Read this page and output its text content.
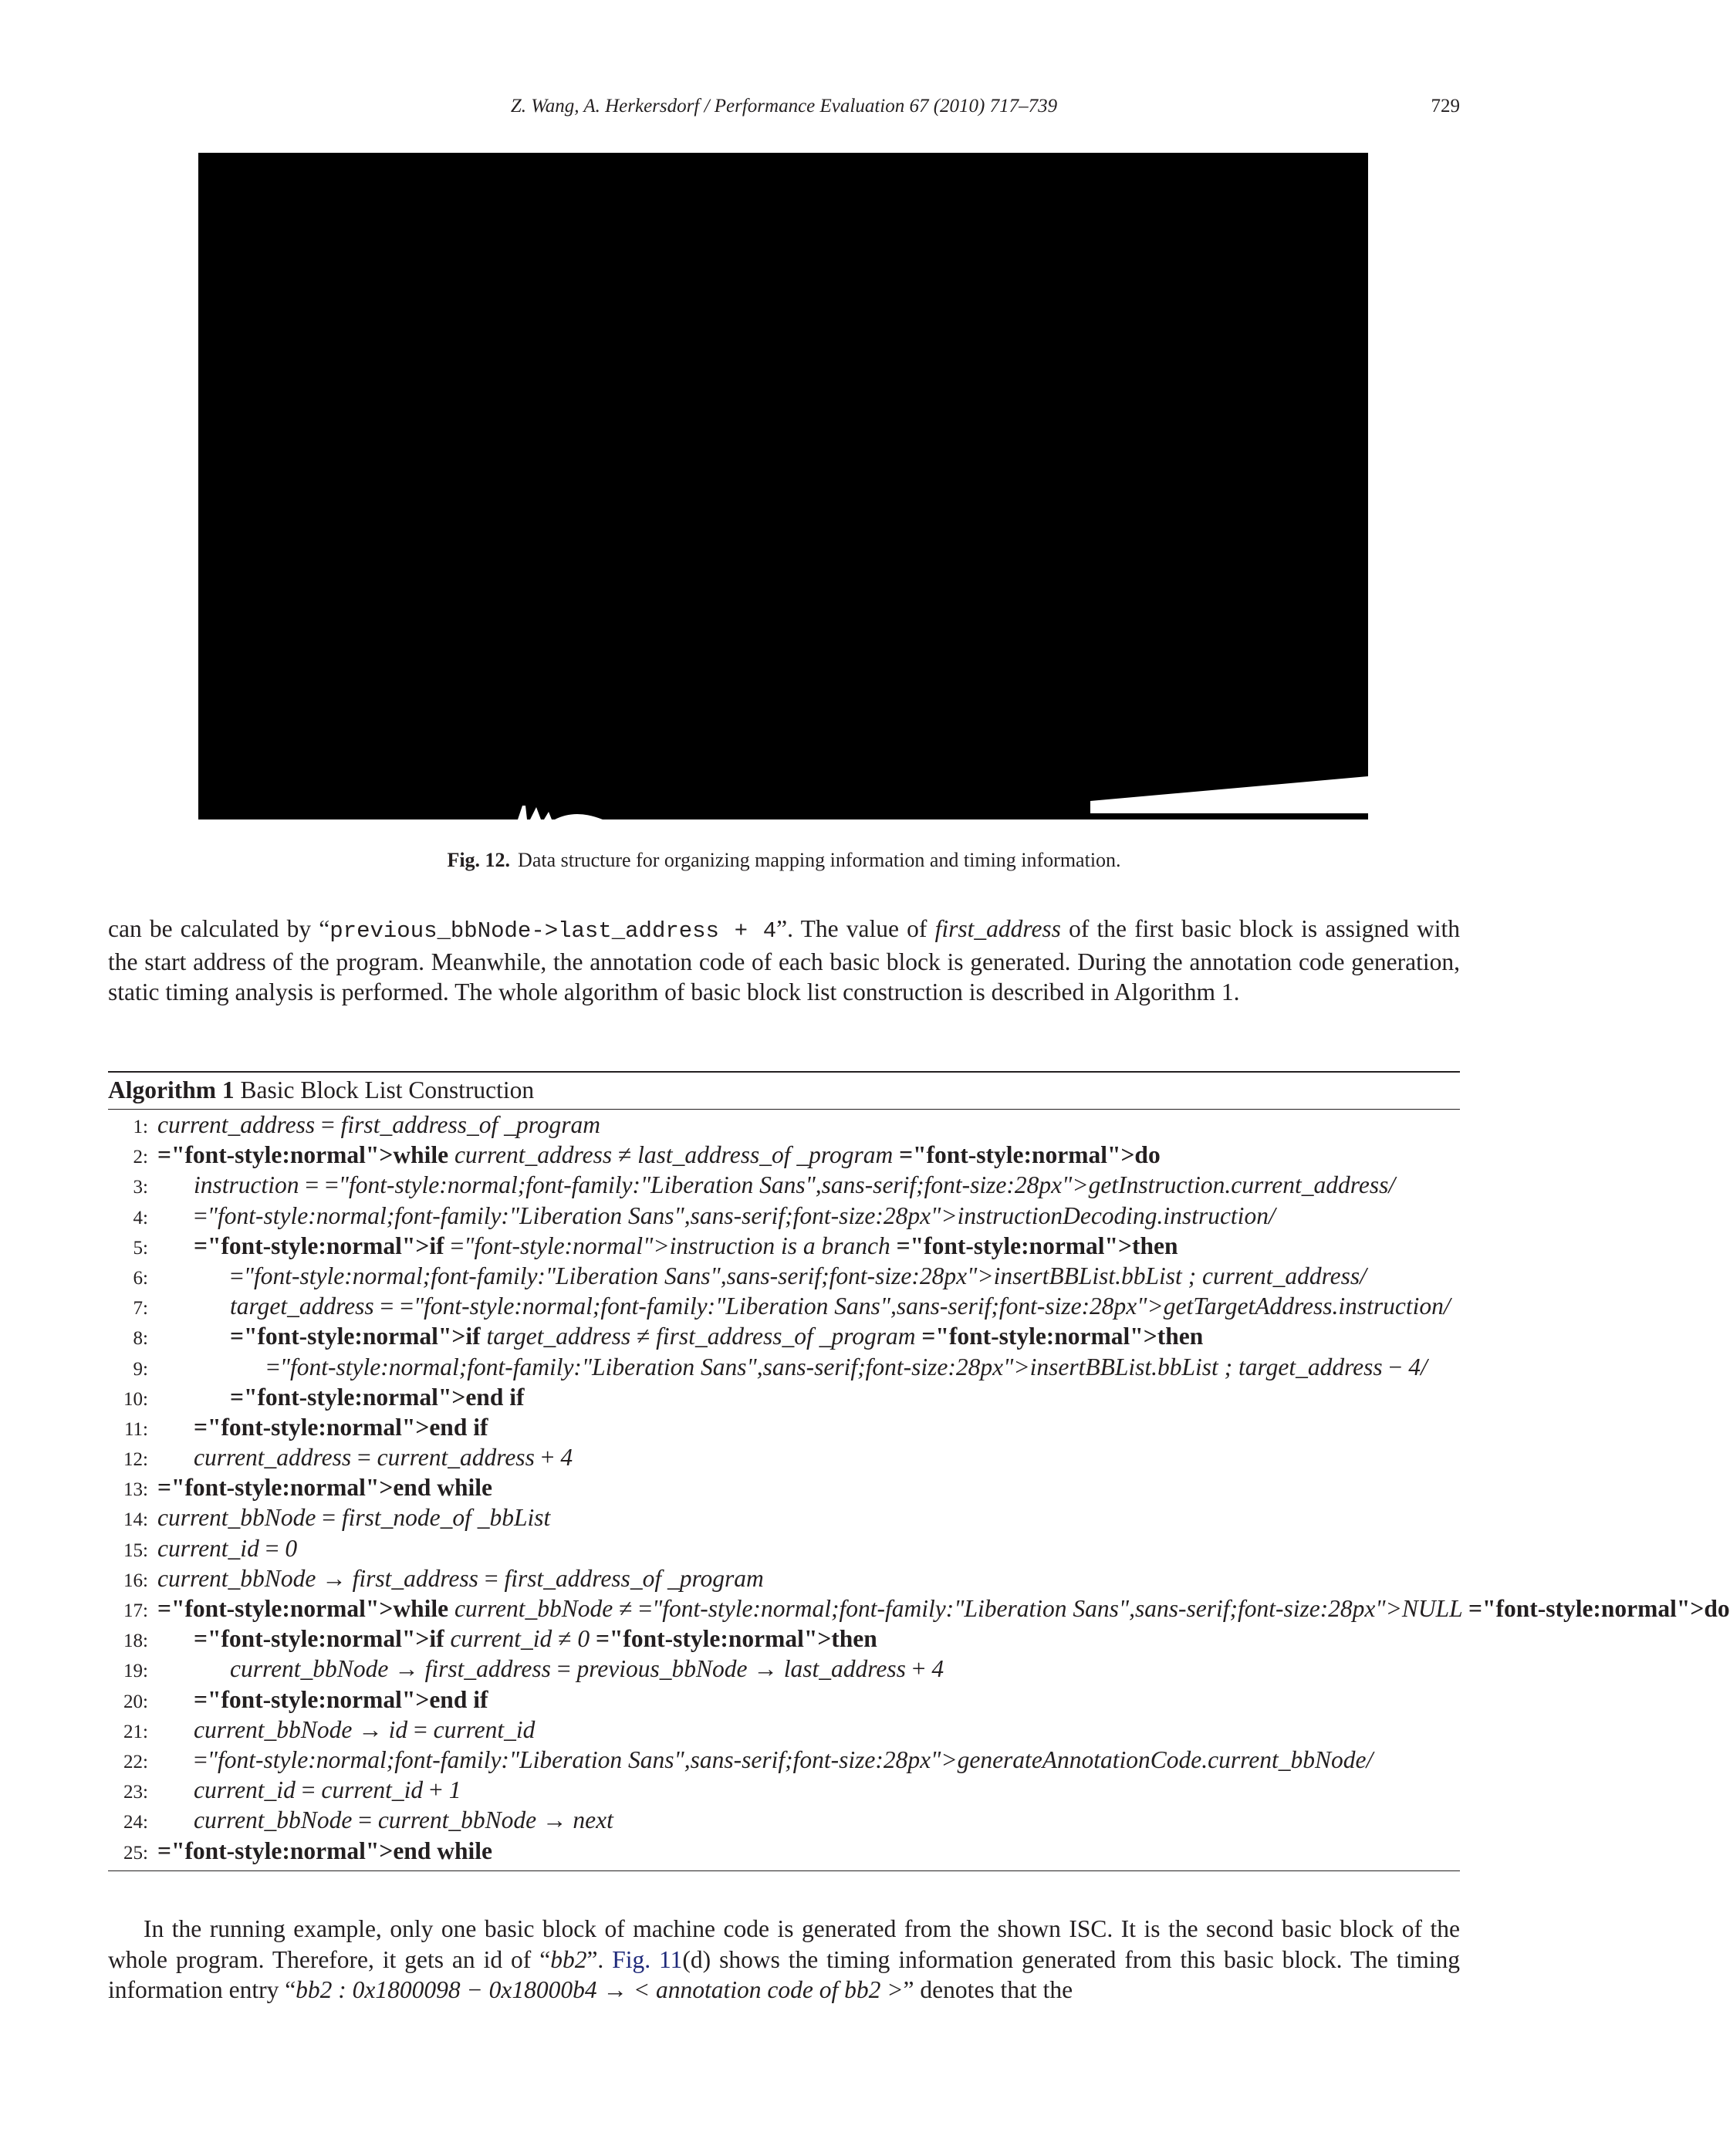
Z. Wang, A. Herkersdorf / Performance Evaluation 67 (2010) 717–739	729
Fig. 12. Data structure for organizing mapping information and timing information.
can be calculated by “previous_bbNode->last_address + 4”. The value of first_address of the first basic block is assigned with the start address of the program. Meanwhile, the annotation code of each basic block is generated. During the annotation code generation, static timing analysis is performed. The whole algorithm of basic block list construction is described in Algorithm 1.
Algorithm 1 Basic Block List Construction
1: current_address = first_address_of _program
2: ="font-style:normal">while current_address ≠ last_address_of _program ="font-style:normal">do
3:	instruction = ="font-style:normal;font-family:"Liberation Sans",sans-serif;font-size:28px">getInstruction.current_address/
4:	="font-style:normal;font-family:"Liberation Sans",sans-serif;font-size:28px">instructionDecoding.instruction/
5:	="font-style:normal">if ="font-style:normal">instruction is a branch ="font-style:normal">then
6:	="font-style:normal;font-family:"Liberation Sans",sans-serif;font-size:28px">insertBBList.bbList ; current_address/
7:	target_address = ="font-style:normal;font-family:"Liberation Sans",sans-serif;font-size:28px">getTargetAddress.instruction/
8:	="font-style:normal">if target_address ≠ first_address_of _program ="font-style:normal">then
9:	="font-style:normal;font-family:"Liberation Sans",sans-serif;font-size:28px">insertBBList.bbList ; target_address − 4/
10:	="font-style:normal">end if
11:	="font-style:normal">end if
12:	current_address = current_address + 4
13: ="font-style:normal">end while
14: current_bbNode = first_node_of _bbList
15: current_id = 0
16: current_bbNode → first_address = first_address_of _program
17: ="font-style:normal">while current_bbNode ≠ ="font-style:normal;font-family:"Liberation Sans",sans-serif;font-size:28px">NULL ="font-style:normal">do
18:	="font-style:normal">if current_id ≠ 0 ="font-style:normal">then
19:	current_bbNode → first_address = previous_bbNode → last_address + 4
20:	="font-style:normal">end if
21:	current_bbNode → id = current_id
22:	="font-style:normal;font-family:"Liberation Sans",sans-serif;font-size:28px">generateAnnotationCode.current_bbNode/
23:	current_id = current_id + 1
24:	current_bbNode = current_bbNode → next
25: ="font-style:normal">end while
In the running example, only one basic block of machine code is generated from the shown ISC. It is the second basic block of the whole program. Therefore, it gets an id of “bb2”. Fig. 11(d) shows the timing information generated from this basic block. The timing information entry “bb2 : 0x1800098 − 0x18000b4 → < annotation code of bb2 >” denotes that the
